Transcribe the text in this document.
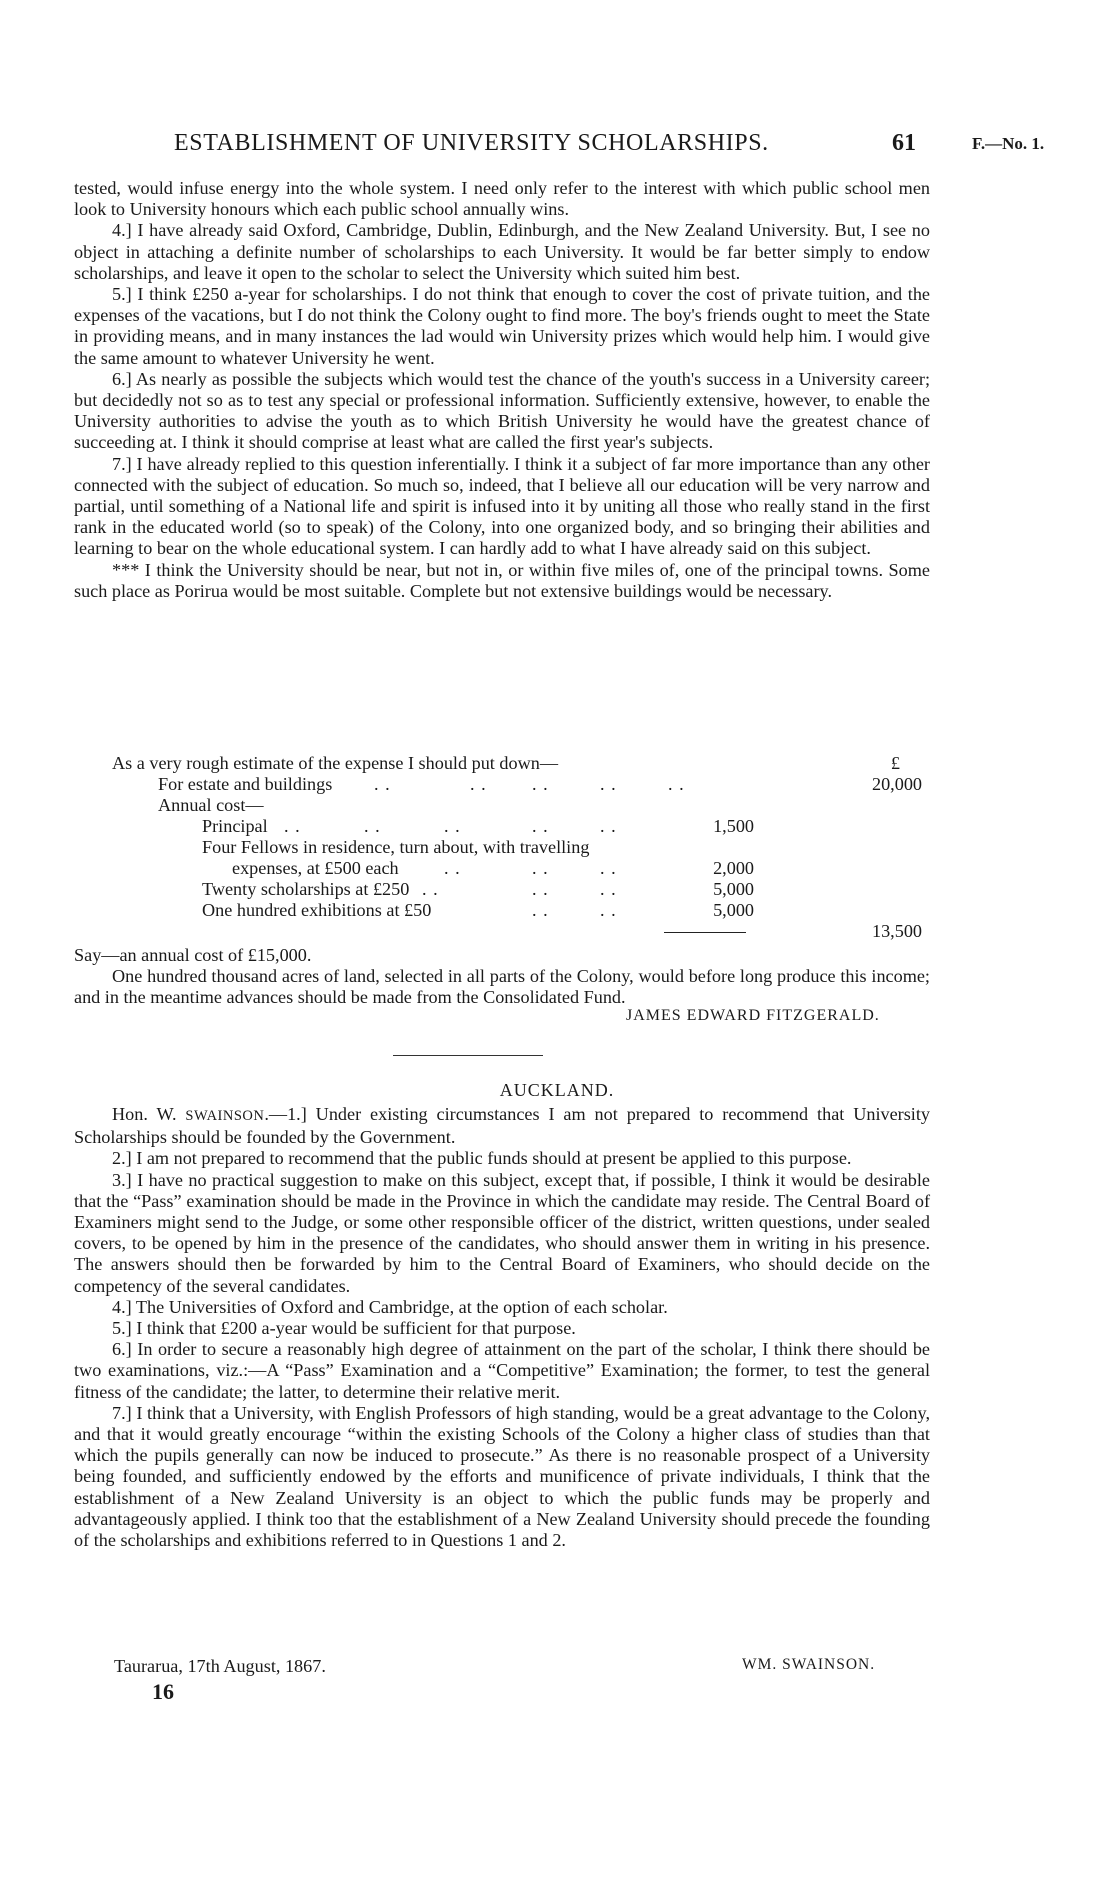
ESTABLISHMENT OF UNIVERSITY SCHOLARSHIPS.	61	F.—No. 1.

tested, would infuse energy into the whole system. I need only refer to the interest with which public school men look to University honours which each public school annually wins.

4.] I have already said Oxford, Cambridge, Dublin, Edinburgh, and the New Zealand University. But, I see no object in attaching a definite number of scholarships to each University. It would be far better simply to endow scholarships, and leave it open to the scholar to select the University which suited him best.

5.] I think £250 a-year for scholarships. I do not think that enough to cover the cost of private tuition, and the expenses of the vacations, but I do not think the Colony ought to find more. The boy's friends ought to meet the State in providing means, and in many instances the lad would win University prizes which would help him. I would give the same amount to whatever University he went.

6.] As nearly as possible the subjects which would test the chance of the youth's success in a University career; but decidedly not so as to test any special or professional information. Sufficiently extensive, however, to enable the University authorities to advise the youth as to which British University he would have the greatest chance of succeeding at. I think it should comprise at least what are called the first year's subjects.

7.] I have already replied to this question inferentially. I think it a subject of far more importance than any other connected with the subject of education. So much so, indeed, that I believe all our education will be very narrow and partial, until something of a National life and spirit is infused into it by uniting all those who really stand in the first rank in the educated world (so to speak) of the Colony, into one organized body, and so bringing their abilities and learning to bear on the whole educational system. I can hardly add to what I have already said on this subject.

*** I think the University should be near, but not in, or within five miles of, one of the principal towns. Some such place as Porirua would be most suitable. Complete but not extensive buildings would be necessary.

As a very rough estimate of the expense I should put down—	£
For estate and buildings . .	. . . .	. .	. .	20,000
Annual cost—
Principal . .	. .	. .	. .	. .	1,500
Four Fellows in residence, turn about, with travelling
expenses, at £500 each . .	. .	. .	2,000
Twenty scholarships at £250 . .	. .	. .	5,000
One hundred exhibitions at £50	. .	. .	5,000
13,500

Say—an annual cost of £15,000.

One hundred thousand acres of land, selected in all parts of the Colony, would before long produce this income; and in the meantime advances should be made from the Consolidated Fund.

JAMES EDWARD FITZGERALD.
AUCKLAND.

Hon. W. SWAINSON.—1.] Under existing circumstances I am not prepared to recommend that University Scholarships should be founded by the Government.

2.] I am not prepared to recommend that the public funds should at present be applied to this purpose.

3.] I have no practical suggestion to make on this subject, except that, if possible, I think it would be desirable that the “Pass” examination should be made in the Province in which the candidate may reside. The Central Board of Examiners might send to the Judge, or some other responsible officer of the district, written questions, under sealed covers, to be opened by him in the presence of the candidates, who should answer them in writing in his presence. The answers should then be forwarded by him to the Central Board of Examiners, who should decide on the competency of the several candidates.

4.] The Universities of Oxford and Cambridge, at the option of each scholar.

5.] I think that £200 a-year would be sufficient for that purpose.

6.] In order to secure a reasonably high degree of attainment on the part of the scholar, I think there should be two examinations, viz.:—A “Pass” Examination and a “Competitive” Examination; the former, to test the general fitness of the candidate; the latter, to determine their relative merit.

7.] I think that a University, with English Professors of high standing, would be a great advantage to the Colony, and that it would greatly encourage “within the existing Schools of the Colony a higher class of studies than that which the pupils generally can now be induced to prosecute.” As there is no reasonable prospect of a University being founded, and sufficiently endowed by the efforts and munificence of private individuals, I think that the establishment of a New Zealand University is an object to which the public funds may be properly and advantageously applied. I think too that the establishment of a New Zealand University should precede the founding of the scholarships and exhibitions referred to in Questions 1 and 2.

Taurarua, 17th August, 1867.	WM. SWAINSON.
16
